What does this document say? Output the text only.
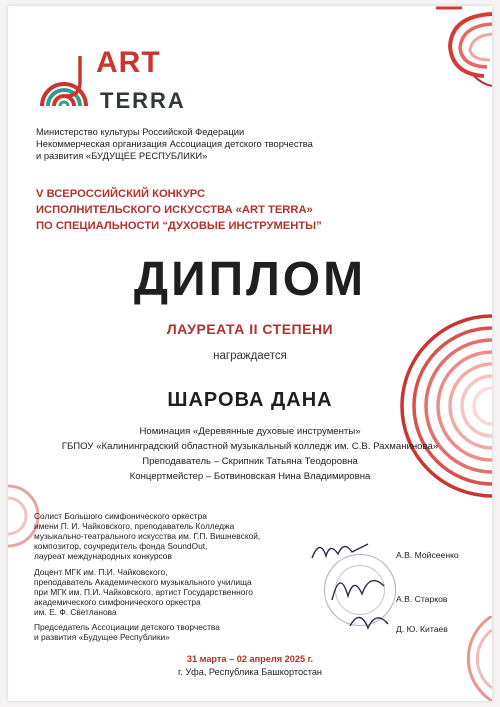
ART
TERRA
Министерство культуры Российской Федерации
Некоммерческая организация Ассоциация детского творчества
и развития «БУДУЩЕЕ РЕСПУБЛИКИ»
V ВСЕРОССИЙСКИЙ КОНКУРС
ИСПОЛНИТЕЛЬСКОГО ИСКУССТВА «ART TERRA»
ПО СПЕЦИАЛЬНОСТИ “ДУХОВЫЕ ИНСТРУМЕНТЫ”
ДИПЛОМ
ЛАУРЕАТА II СТЕПЕНИ
награждается
ШАРОВА ДАНА
Номинация «Деревянные духовые инструменты»
ГБПОУ «Калининградский областной музыкальный колледж им. С.В. Рахманинова»
Преподаватель – Скрипник Татьяна Теодоровна
Концертмейстер – Ботвиновская Нина Владимировна
Солист Большого симфонического оркестра
имени П. И. Чайковского, преподаватель Колледжа
музыкально-театрального искусства им. Г.П. Вишневской,
композитор, соучредитель фонда SoundOut,
лауреат международных конкурсов	А.В. Мойсеенко
Доцент МГК им. П.И. Чайковского,
преподаватель Академического музыкального училища
при МГК им. П.И. Чайковского, артист Государственного
академического симфонического оркестра
им. Е. Ф. Светланова
А.В. Старков
Председатель Ассоциации детского творчества
и развития «Будущее Республики»
Д. Ю. Китаев
31 марта – 02 апреля 2025 г.
г. Уфа, Республика Башкортостан
